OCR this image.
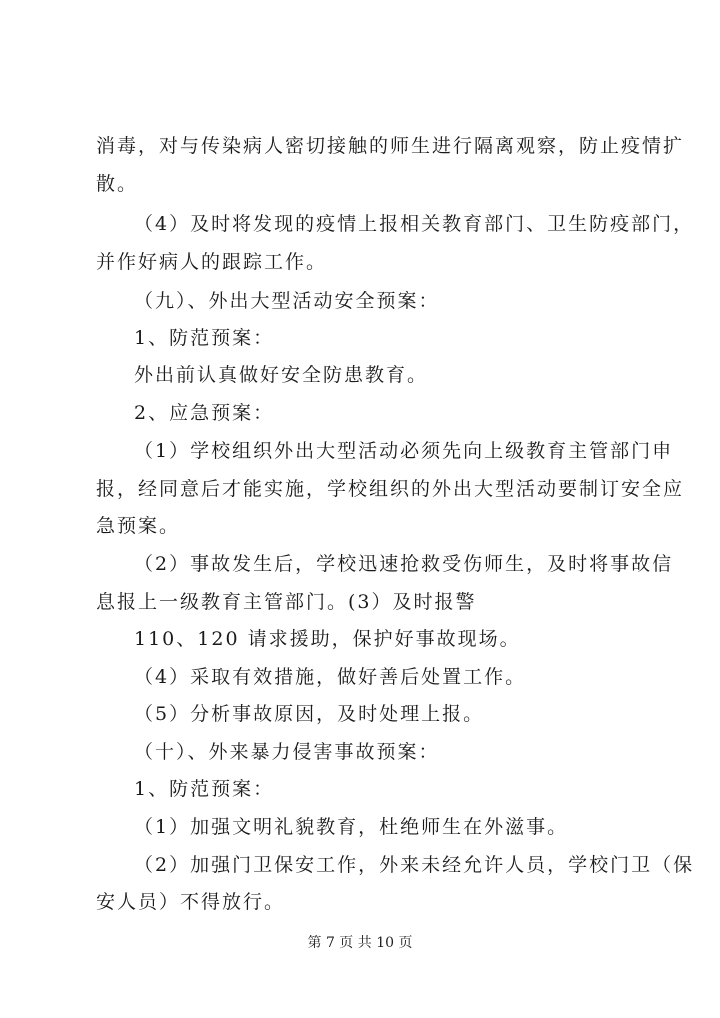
消毒，对与传染病人密切接触的师生进行隔离观察，防止疫情扩
散。
（4）及时将发现的疫情上报相关教育部门、卫生防疫部门，
并作好病人的跟踪工作。
（九）、外出大型活动安全预案：
1、防范预案：
外出前认真做好安全防患教育。
2、应急预案：
（1）学校组织外出大型活动必须先向上级教育主管部门申
报，经同意后才能实施，学校组织的外出大型活动要制订安全应
急预案。
（2）事故发生后，学校迅速抢救受伤师生，及时将事故信
息报上一级教育主管部门。(3）及时报警
110、120 请求援助，保护好事故现场。
（4）采取有效措施，做好善后处置工作。
（5）分析事故原因，及时处理上报。
（十）、外来暴力侵害事故预案：
1、防范预案：
（1）加强文明礼貌教育，杜绝师生在外滋事。
（2）加强门卫保安工作，外来未经允许人员，学校门卫（保
安人员）不得放行。
第 7 页 共 10 页
